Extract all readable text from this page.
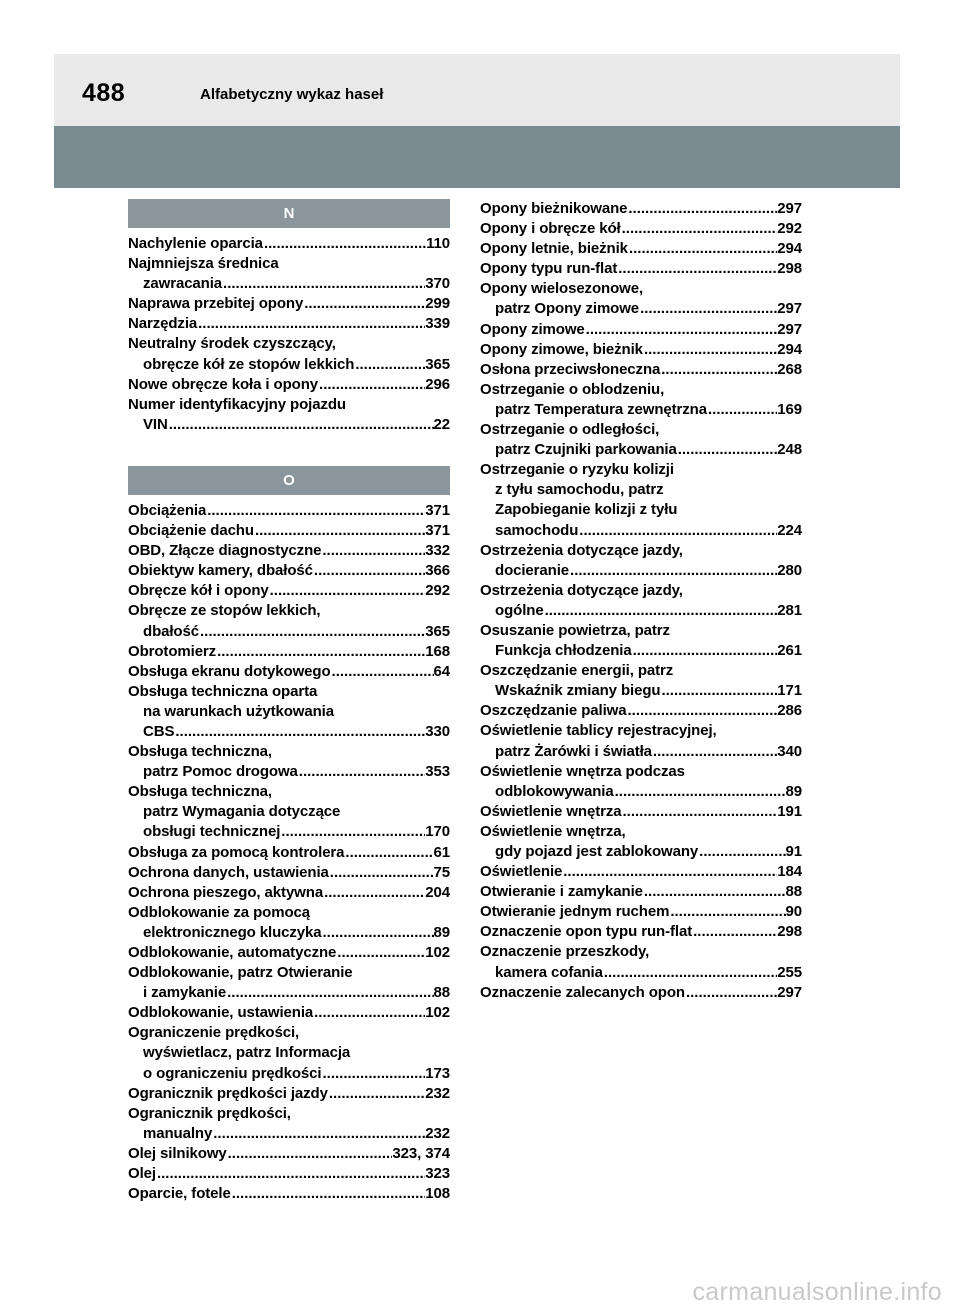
488	Alfabetyczny wykaz haseł
N
Nachylenie oparcia .....	110
Najmniejsza średnica
zawracania .....	370
Naprawa przebitej opony .....	299
Narzędzia .....	339
Neutralny środek czyszczący,
obręcze kół ze stopów lekkich .....	365
Nowe obręcze koła i opony .....	296
Numer identyfikacyjny pojazdu
VIN .....	22
O
Obciążenia .....	371
Obciążenie dachu .....	371
OBD, Złącze diagnostyczne .....	332
Obiektyw kamery, dbałość .....	366
Obręcze kół i opony .....	292
Obręcze ze stopów lekkich,
dbałość .....	365
Obrotomierz .....	168
Obsługa ekranu dotykowego .....	64
Obsługa techniczna oparta
na warunkach użytkowania
CBS .....	330
Obsługa techniczna,
patrz Pomoc drogowa .....	353
Obsługa techniczna,
patrz Wymagania dotyczące
obsługi technicznej .....	170
Obsługa za pomocą kontrolera .....	61
Ochrona danych, ustawienia .....	75
Ochrona pieszego, aktywna .....	204
Odblokowanie za pomocą
elektronicznego kluczyka .....	89
Odblokowanie, automatyczne .....	102
Odblokowanie, patrz Otwieranie
i zamykanie .....	88
Odblokowanie, ustawienia .....	102
Ograniczenie prędkości,
wyświetlacz, patrz Informacja
o ograniczeniu prędkości .....	173
Ogranicznik prędkości jazdy .....	232
Ogranicznik prędkości,
manualny .....	232
Olej silnikowy .....	323, 374
Olej .....	323
Oparcie, fotele .....	108
Opony bieżnikowane .....	297
Opony i obręcze kół .....	292
Opony letnie, bieżnik .....	294
Opony typu run-flat .....	298
Opony wielosezonowe,
patrz Opony zimowe .....	297
Opony zimowe .....	297
Opony zimowe, bieżnik .....	294
Osłona przeciwsłoneczna .....	268
Ostrzeganie o oblodzeniu,
patrz Temperatura zewnętrzna .....	169
Ostrzeganie o odległości,
patrz Czujniki parkowania .....	248
Ostrzeganie o ryzyku kolizji
z tyłu samochodu, patrz
Zapobieganie kolizji z tyłu
samochodu .....	224
Ostrzeżenia dotyczące jazdy,
docieranie .....	280
Ostrzeżenia dotyczące jazdy,
ogólne .....	281
Osuszanie powietrza, patrz
Funkcja chłodzenia .....	261
Oszczędzanie energii, patrz
Wskaźnik zmiany biegu .....	171
Oszczędzanie paliwa .....	286
Oświetlenie tablicy rejestracyjnej,
patrz Żarówki i światła .....	340
Oświetlenie wnętrza podczas
odblokowywania .....	89
Oświetlenie wnętrza .....	191
Oświetlenie wnętrza,
gdy pojazd jest zablokowany .....	91
Oświetlenie .....	184
Otwieranie i zamykanie .....	88
Otwieranie jednym ruchem .....	90
Oznaczenie opon typu run-flat .....	298
Oznaczenie przeszkody,
kamera cofania .....	255
Oznaczenie zalecanych opon .....	297
carmanualsonline.info
